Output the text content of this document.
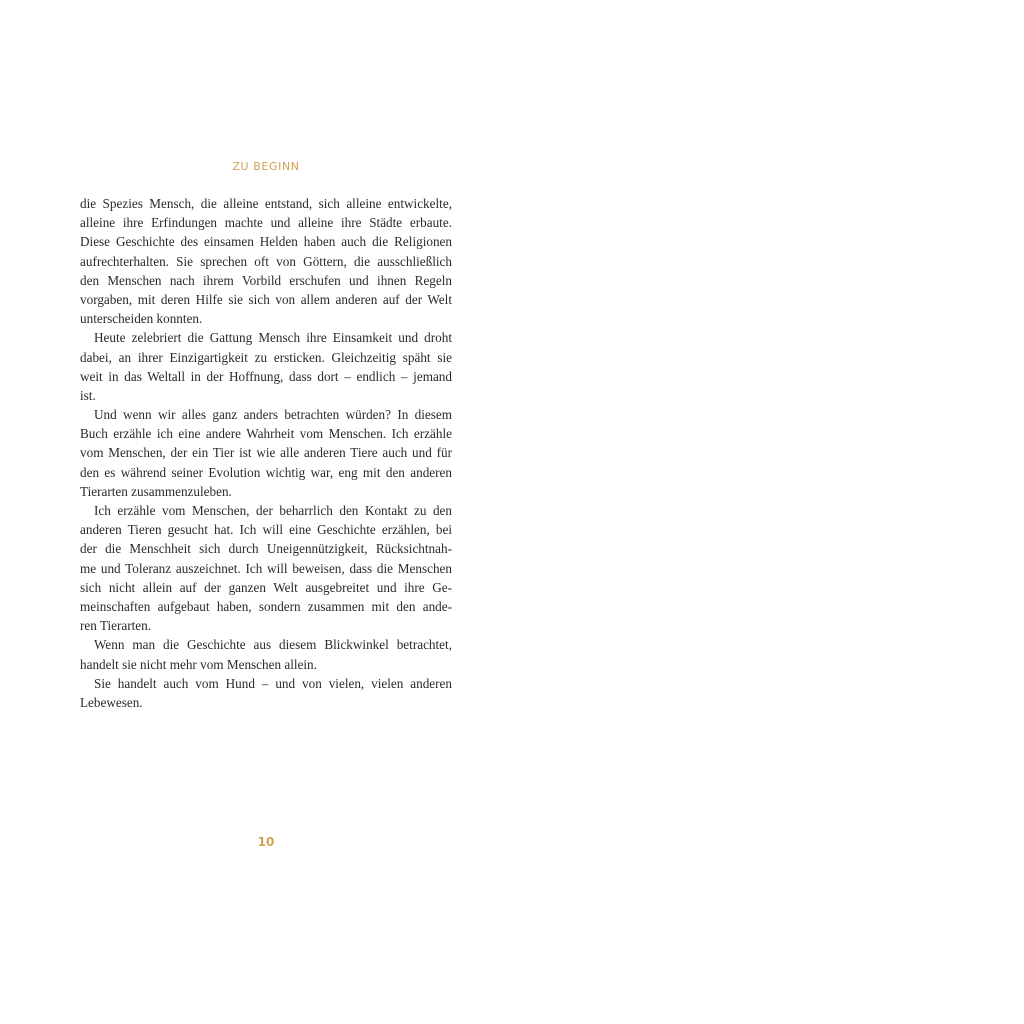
ZU BEGINN
die Spezies Mensch, die alleine entstand, sich alleine entwickelte,
alleine ihre Erfindungen machte und alleine ihre Städte erbaute.
Diese Geschichte des einsamen Helden haben auch die Religionen
aufrechterhalten. Sie sprechen oft von Göttern, die ausschließlich
den Menschen nach ihrem Vorbild erschufen und ihnen Regeln
vorgaben, mit deren Hilfe sie sich von allem anderen auf der Welt
unterscheiden konnten.
Heute zelebriert die Gattung Mensch ihre Einsamkeit und droht
dabei, an ihrer Einzigartigkeit zu ersticken. Gleichzeitig späht sie
weit in das Weltall in der Hoffnung, dass dort – endlich – jemand
ist.
Und wenn wir alles ganz anders betrachten würden? In diesem
Buch erzähle ich eine andere Wahrheit vom Menschen. Ich erzähle
vom Menschen, der ein Tier ist wie alle anderen Tiere auch und für
den es während seiner Evolution wichtig war, eng mit den anderen
Tierarten zusammenzuleben.
Ich erzähle vom Menschen, der beharrlich den Kontakt zu den
anderen Tieren gesucht hat. Ich will eine Geschichte erzählen, bei
der die Menschheit sich durch Uneigennützigkeit, Rücksichtnah-
me und Toleranz auszeichnet. Ich will beweisen, dass die Menschen
sich nicht allein auf der ganzen Welt ausgebreitet und ihre Ge-
meinschaften aufgebaut haben, sondern zusammen mit den ande-
ren Tierarten.
Wenn man die Geschichte aus diesem Blickwinkel betrachtet,
handelt sie nicht mehr vom Menschen allein.
Sie handelt auch vom Hund – und von vielen, vielen anderen
Lebewesen.
10
